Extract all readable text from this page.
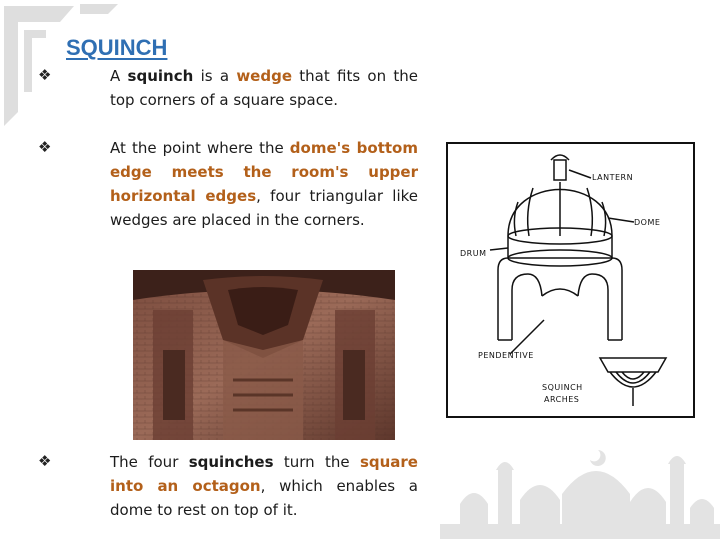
SQUINCH
❖	A squinch is a wedge that fits on the top corners of a square space.

❖	At the point where the dome's bottom edge meets the room's upper horizontal edges, four triangular like wedges are placed in the corners.

❖	The four squinches turn the square into an octagon, which enables a dome to rest on top of it.

LANTERN
DOME
DRUM
PENDENTIVE
SQUINCH
ARCHES
